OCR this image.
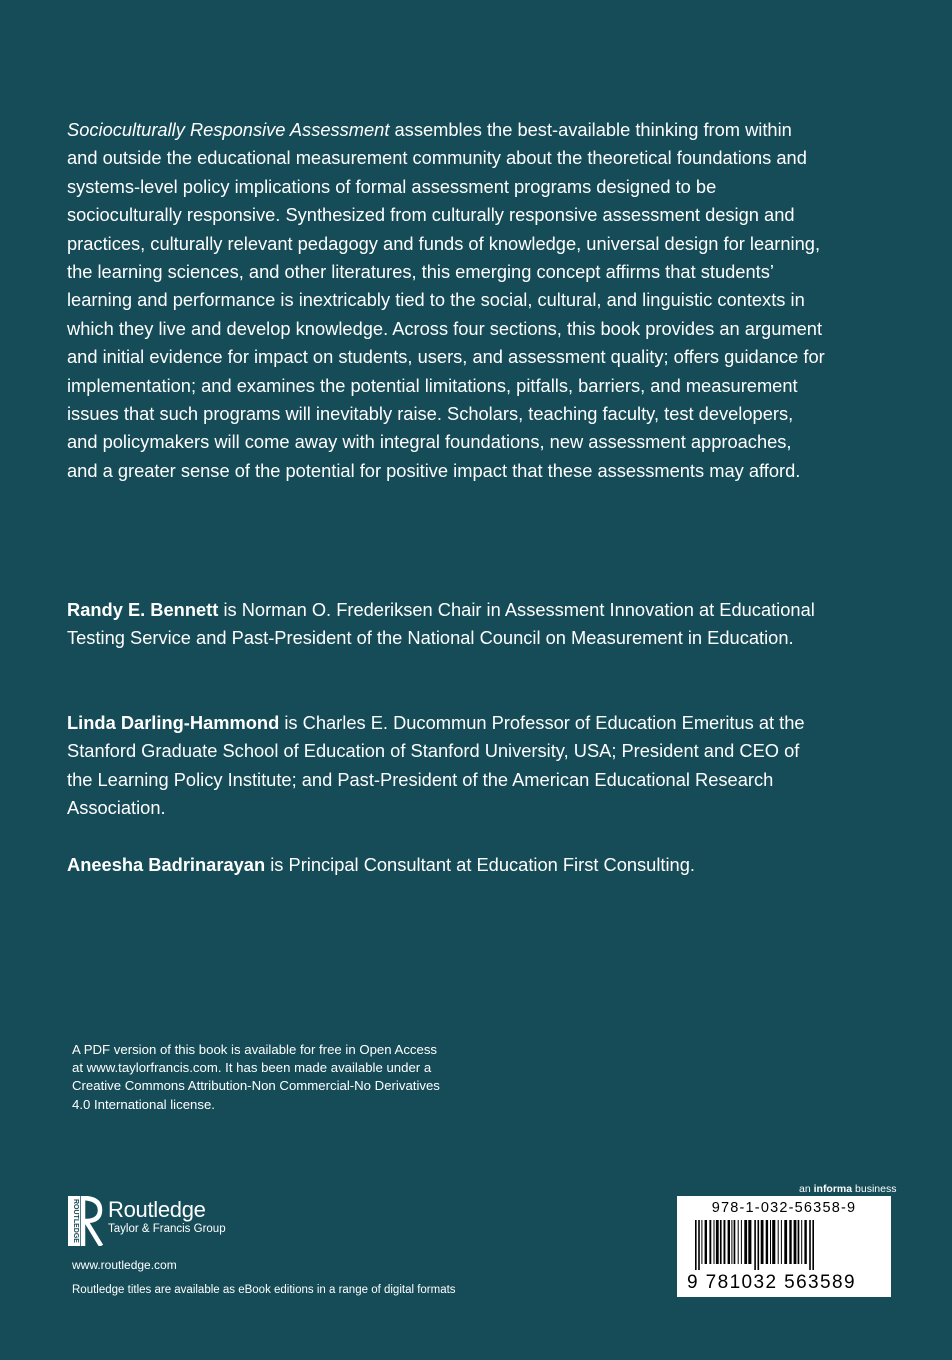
Socioculturally Responsive Assessment assembles the best-available thinking from within and outside the educational measurement community about the theoretical foundations and systems-level policy implications of formal assessment programs designed to be socioculturally responsive. Synthesized from culturally responsive assessment design and practices, culturally relevant pedagogy and funds of knowledge, universal design for learning, the learning sciences, and other literatures, this emerging concept affirms that students’ learning and performance is inextricably tied to the social, cultural, and linguistic contexts in which they live and develop knowledge. Across four sections, this book provides an argument and initial evidence for impact on students, users, and assessment quality; offers guidance for implementation; and examines the potential limitations, pitfalls, barriers, and measurement issues that such programs will inevitably raise. Scholars, teaching faculty, test developers, and policymakers will come away with integral foundations, new assessment approaches, and a greater sense of the potential for positive impact that these assessments may afford.

Randy E. Bennett is Norman O. Frederiksen Chair in Assessment Innovation at Educational Testing Service and Past-President of the National Council on Measurement in Education.

Linda Darling-Hammond is Charles E. Ducommun Professor of Education Emeritus at the Stanford Graduate School of Education of Stanford University, USA; President and CEO of the Learning Policy Institute; and Past-President of the American Educational Research Association.

Aneesha Badrinarayan is Principal Consultant at Education First Consulting.

A PDF version of this book is available for free in Open Access
at www.taylorfrancis.com. It has been made available under a
Creative Commons Attribution-Non Commercial-No Derivatives
4.0 International license.

ROUTLEDGE Routledge
Taylor & Francis Group
www.routledge.com
Routledge titles are available as eBook editions in a range of digital formats
an informa business
978-1-032-56358-9
9 781032 563589
